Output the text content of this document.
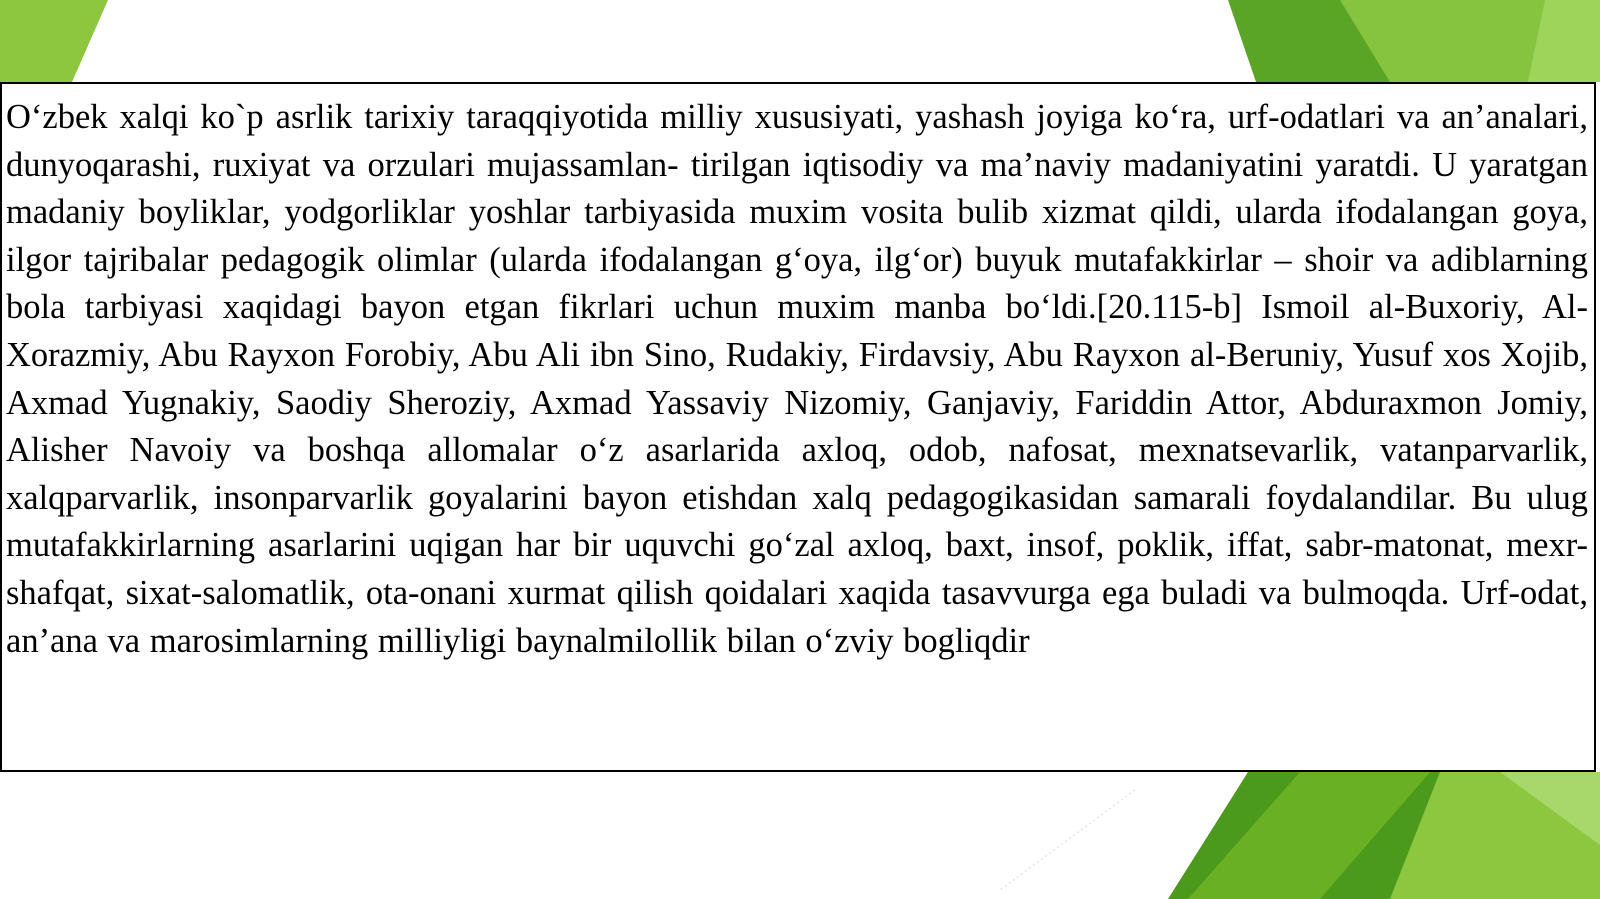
O‘zbek xalqi ko`p asrlik tarixiy taraqqiyotida milliy xususiyati, yashash joyiga ko‘ra, urf-odatlari va an’analari, dunyoqarashi, ruxiyat va orzulari mujassamlan- tirilgan iqtisodiy va ma’naviy madaniyatini yaratdi. U yaratgan madaniy boyliklar, yodgorliklar yoshlar tarbiyasida muxim vosita bulib xizmat qildi, ularda ifodalangan goya, ilgor tajribalar pedagogik olimlar (ularda ifodalangan g‘oya, ilg‘or) buyuk mutafakkirlar – shoir va adiblarning bola tarbiyasi xaqidagi bayon etgan fikrlari uchun muxim manba bo‘ldi.[20.115-b] Ismoil al-Buxoriy, Al-Xorazmiy, Abu Rayxon Forobiy, Abu Ali ibn Sino, Rudakiy, Firdavsiy, Abu Rayxon al-Beruniy, Yusuf xos Xojib, Axmad Yugnakiy, Saodiy Sheroziy, Axmad Yassaviy Nizomiy, Ganjaviy, Fariddin Attor, Abduraxmon Jomiy, Alisher Navoiy va boshqa allomalar o‘z asarlarida axloq, odob, nafosat, mexnatsevarlik, vatanparvarlik, xalqparvarlik, insonparvarlik goyalarini bayon etishdan xalq pedagogikasidan samarali foydalandilar. Bu ulug mutafakkirlarning asarlarini uqigan har bir uquvchi go‘zal axloq, baxt, insof, poklik, iffat, sabr-matonat, mexr-shafqat, sixat-salomatlik, ota-onani xurmat qilish qoidalari xaqida tasavvurga ega buladi va bulmoqda. Urf-odat, an’ana va marosimlarning milliyligi baynalmilollik bilan o‘zviy bogliqdir
